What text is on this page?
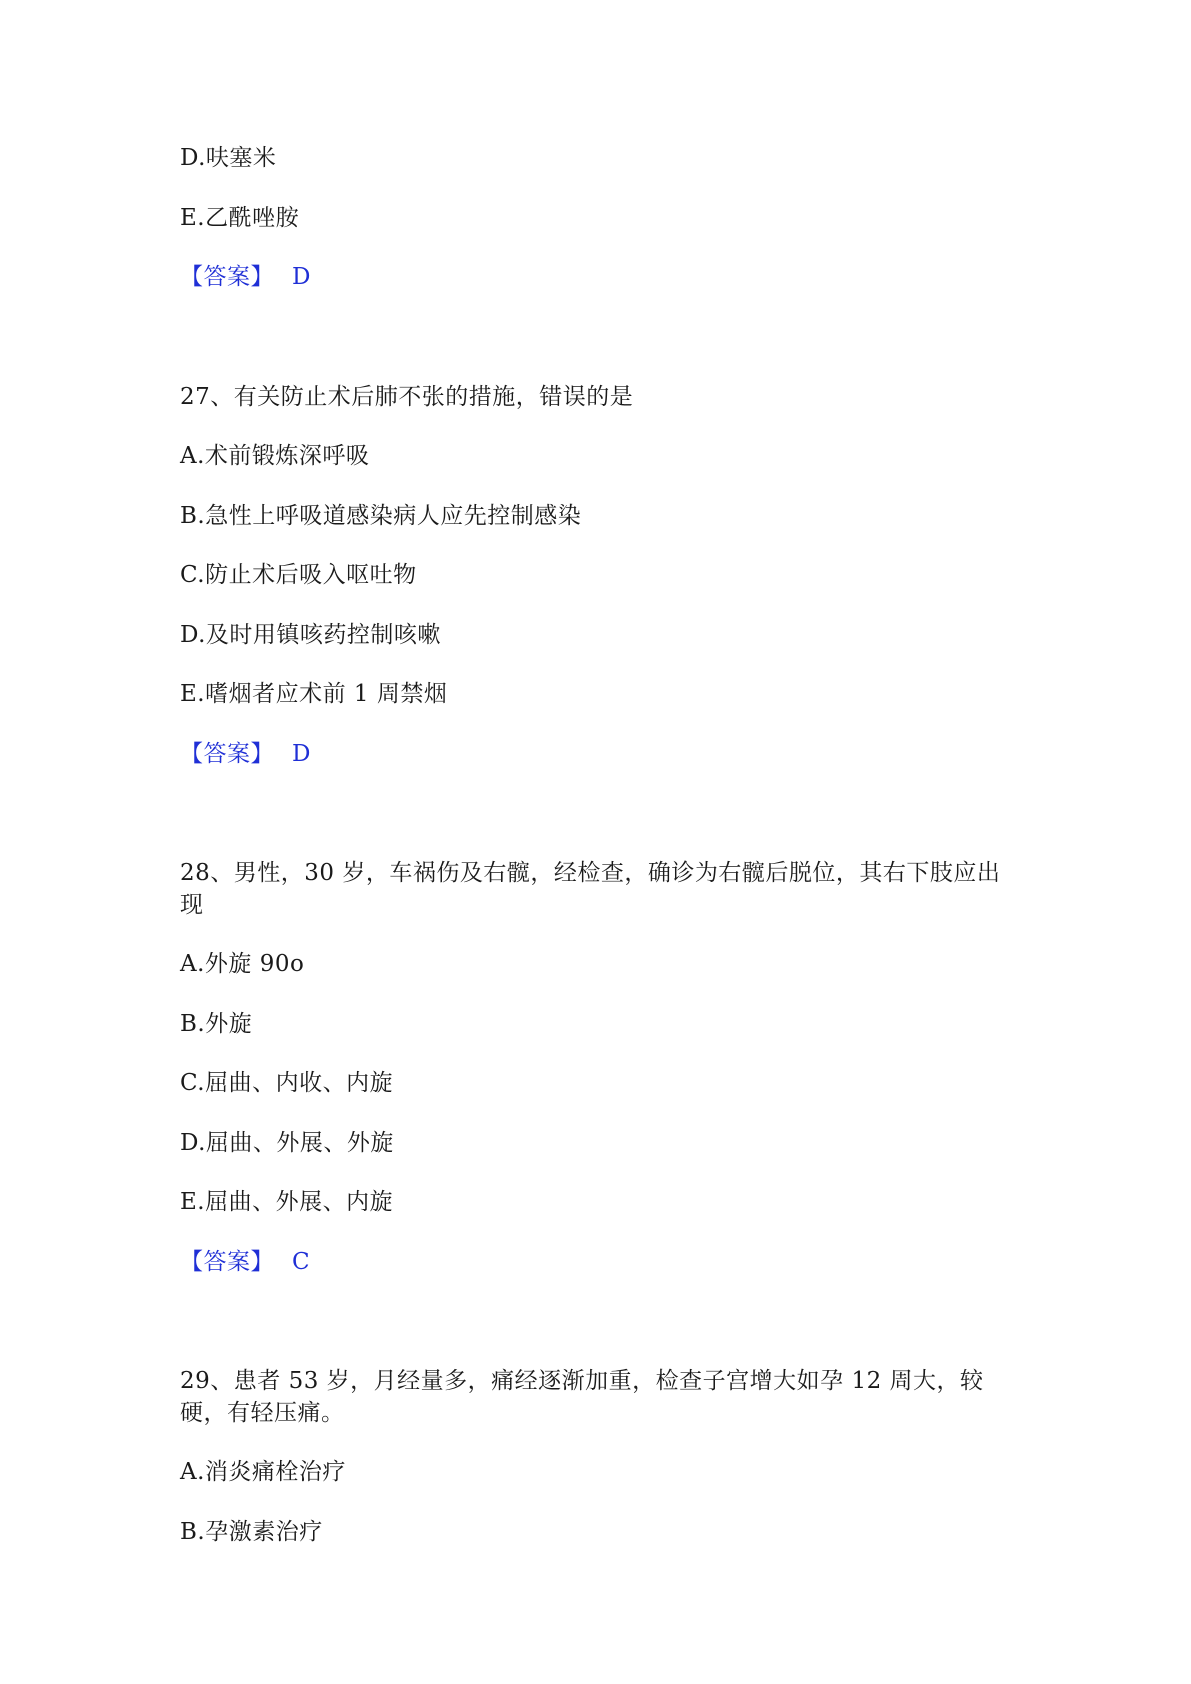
D.呋塞米
E.乙酰唑胺
【答案】 D
27、有关防止术后肺不张的措施，错误的是
A.术前锻炼深呼吸
B.急性上呼吸道感染病人应先控制感染
C.防止术后吸入呕吐物
D.及时用镇咳药控制咳嗽
E.嗜烟者应术前 1 周禁烟
【答案】 D
28、男性，30 岁，车祸伤及右髋，经检查，确诊为右髋后脱位，其右下肢应出
现
A.外旋 90o
B.外旋
C.屈曲、内收、内旋
D.屈曲、外展、外旋
E.屈曲、外展、内旋
【答案】 C
29、患者 53 岁，月经量多，痛经逐渐加重，检查子宫增大如孕 12 周大，较
硬，有轻压痛。
A.消炎痛栓治疗
B.孕激素治疗
